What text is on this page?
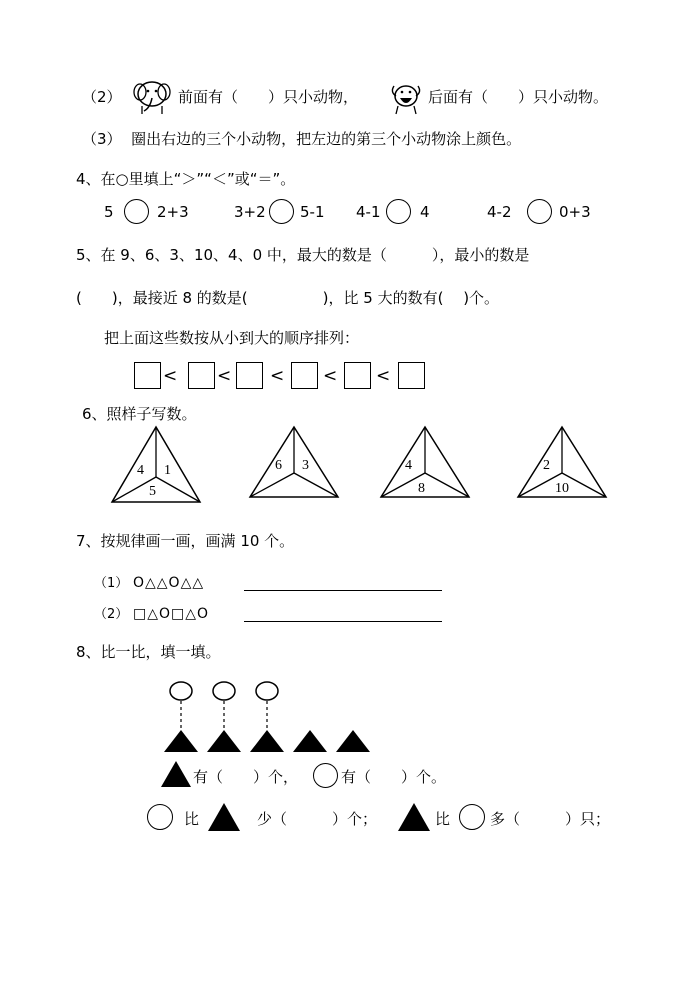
（2）	前面有（　　）只小动物，	后面有（　　）只小动物。
（3）  圈出右边的三个小动物，把左边的第三个小动物涂上颜色。
4、在○里填上“＞”“＜”或“＝”。
5	2+3	3+2 5-1 4-1	4	4-2	0+3
5、在 9、6、3、10、4、0 中，最大的数是（　　　），最小的数是
(　　)，最接近 8 的数是(　　　　　)，比 5 大的数有(　 )个。
把上面这些数按从小到大的顺序排列：
< < < < <
6、照样子写数。
4 1
5
6 3	4
8
2
10
7、按规律画一画，画满 10 个。
（1） O△△O△△
（2） □△O□△O
8、比一比，填一填。
有（　　）个，	有（　　）个。
比	少（　　　）个；	比	多（　　　）只；
